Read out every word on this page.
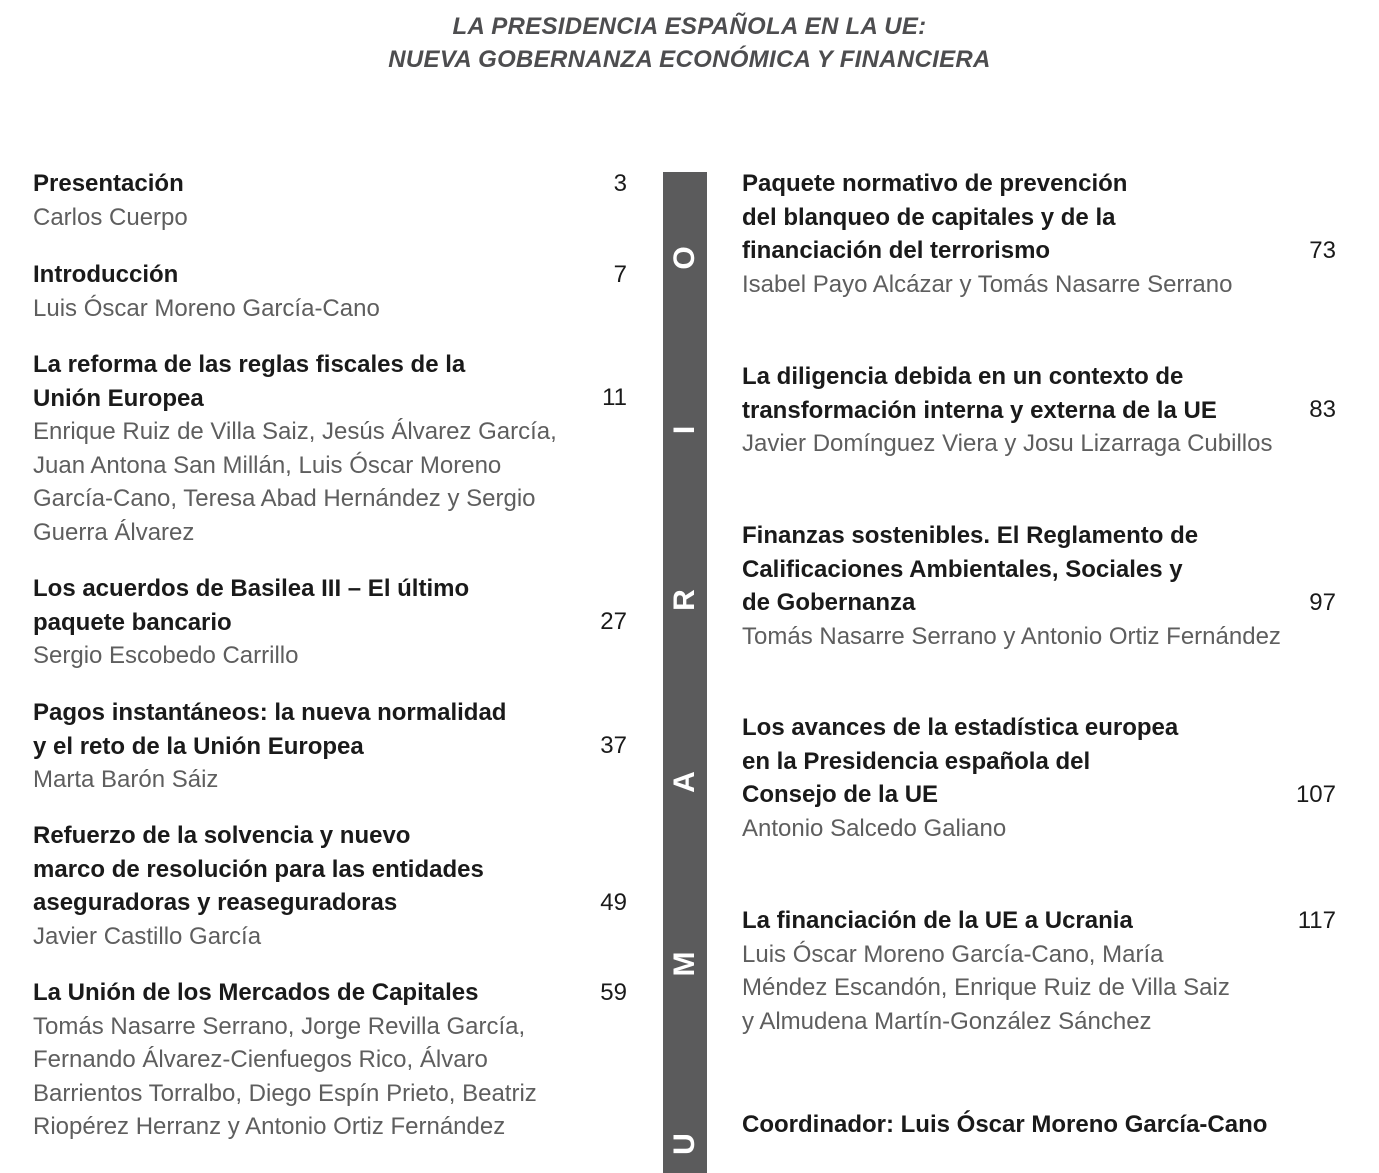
LA PRESIDENCIA ESPAÑOLA EN LA UE:
NUEVA GOBERNANZA ECONÓMICA Y FINANCIERA
U
M
A
R
I
O
Presentación
Carlos Cuerpo
3
Introducción
Luis Óscar Moreno García-Cano
7
La reforma de las reglas fiscales de la
Unión Europea
Enrique Ruiz de Villa Saiz, Jesús Álvarez García,
Juan Antona San Millán, Luis Óscar Moreno
García-Cano, Teresa Abad Hernández y Sergio
Guerra Álvarez
11
Los acuerdos de Basilea III – El último
paquete bancario
Sergio Escobedo Carrillo
27
Pagos instantáneos: la nueva normalidad
y el reto de la Unión Europea
Marta Barón Sáiz
37
Refuerzo de la solvencia y nuevo
marco de resolución para las entidades
aseguradoras y reaseguradoras
Javier Castillo García
49
La Unión de los Mercados de Capitales
Tomás Nasarre Serrano, Jorge Revilla García,
Fernando Álvarez-Cienfuegos Rico, Álvaro
Barrientos Torralbo, Diego Espín Prieto, Beatriz
Riopérez Herranz y Antonio Ortiz Fernández
59
Paquete normativo de prevención
del blanqueo de capitales y de la
financiación del terrorismo
Isabel Payo Alcázar y Tomás Nasarre Serrano
73
La diligencia debida en un contexto de
transformación interna y externa de la UE
Javier Domínguez Viera y Josu Lizarraga Cubillos
83
Finanzas sostenibles. El Reglamento de
Calificaciones Ambientales, Sociales y
de Gobernanza
Tomás Nasarre Serrano y Antonio Ortiz Fernández
97
Los avances de la estadística europea
en la Presidencia española del
Consejo de la UE
Antonio Salcedo Galiano
107
La financiación de la UE a Ucrania
Luis Óscar Moreno García-Cano, María
Méndez Escandón, Enrique Ruiz de Villa Saiz
y Almudena Martín-González Sánchez
117
Coordinador: Luis Óscar Moreno García-Cano
